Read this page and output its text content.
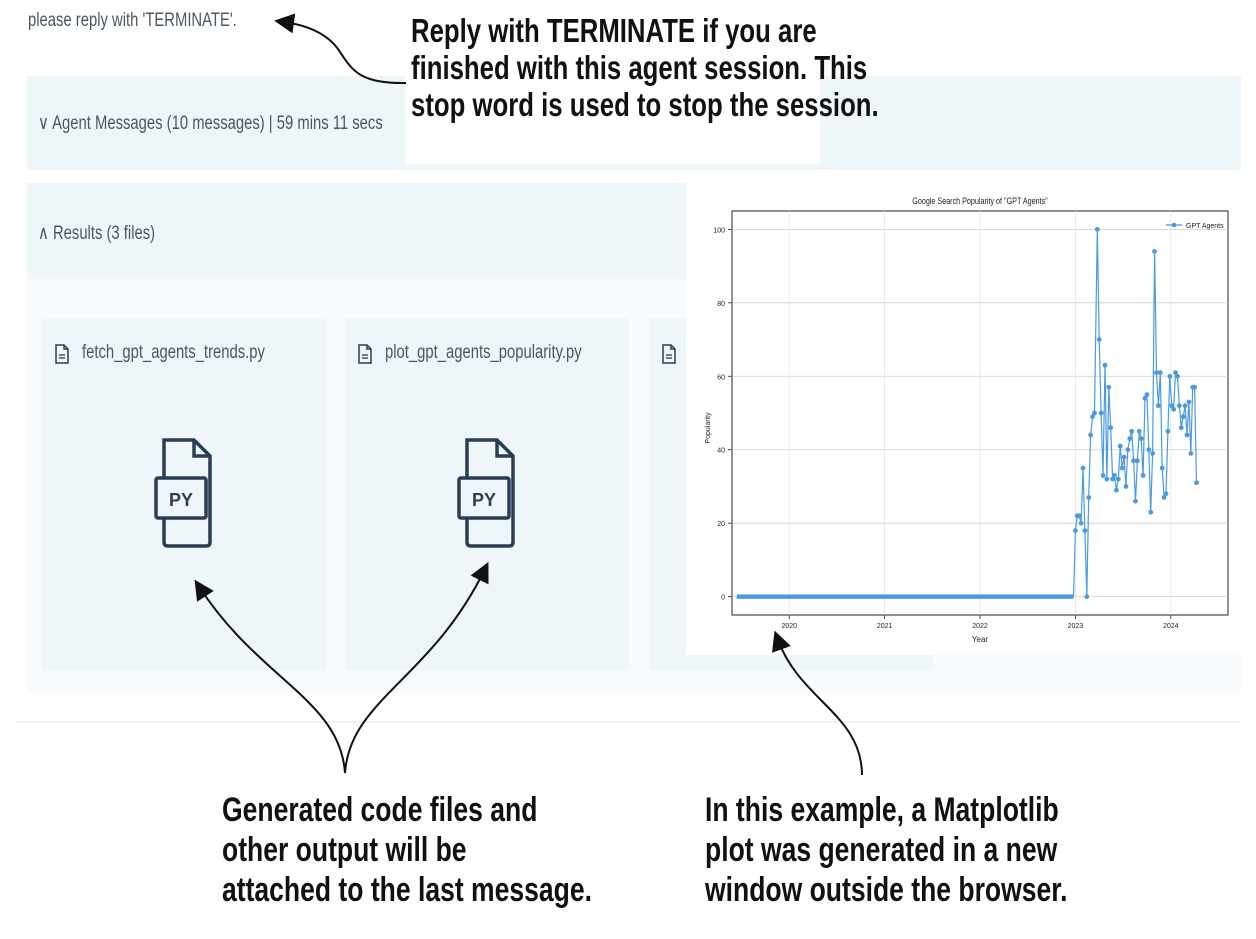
please reply with 'TERMINATE'.
∨ Agent Messages (10 messages) | 59 mins 11 secs
∧ Results (3 files)
fetch_gpt_agents_trends.py
PY
plot_gpt_agents_popularity.py
PY
0
20
40
60
80
100
2020	2021	2022	2023	2024
Google Search Popularity of "GPT Agents"
Year
Popularity
GPT Agents
Reply with TERMINATE if you are
finished with this agent session. This
stop word is used to stop the session.
Generated code files and
other output will be
attached to the last message.
In this example, a Matplotlib
plot was generated in a new
window outside the browser.
